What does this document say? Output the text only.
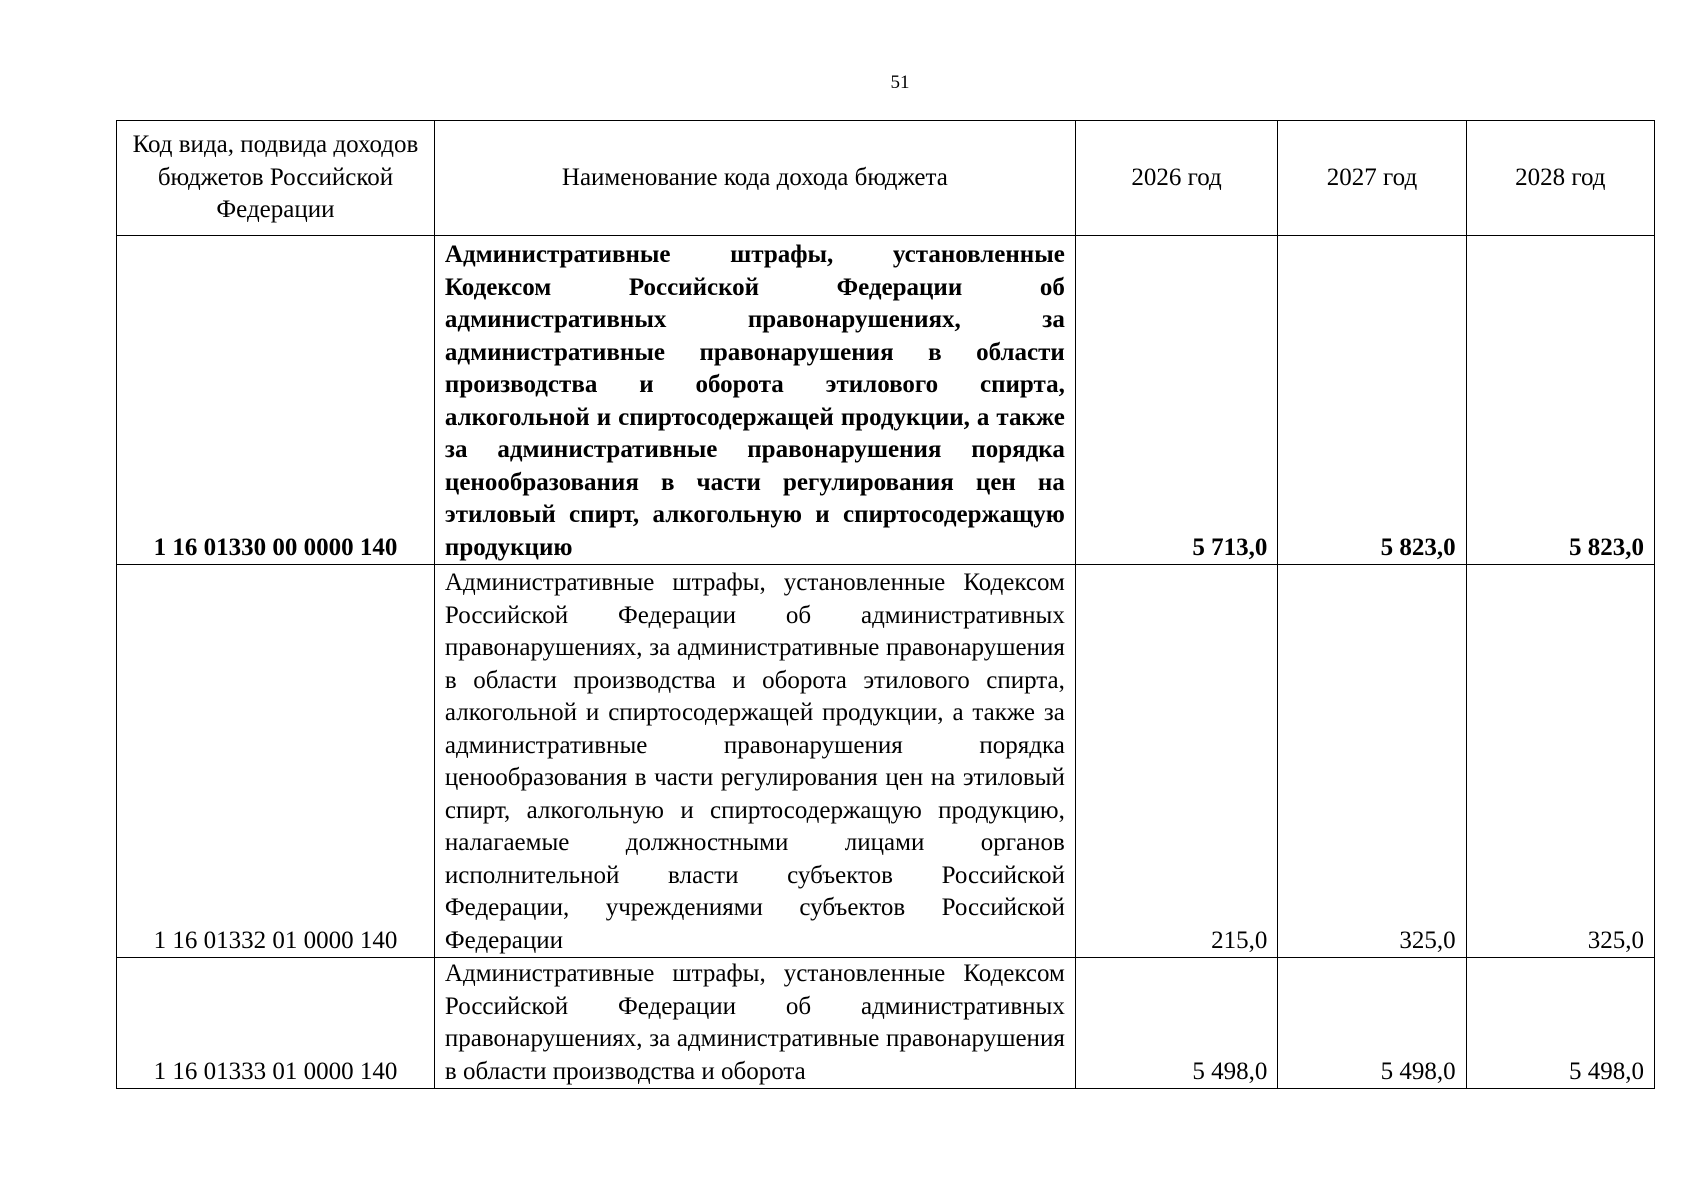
51
Код вида, подвида доходов бюджетов Российской Федерации	Наименование кода дохода бюджета	2026 год	2027 год	2028 год
1 16 01330 00 0000 140	Административные штрафы, установленные Кодексом Российской Федерации об административных правонарушениях, за административные правонарушения в области производства и оборота этилового спирта, алкогольной и спиртосодержащей продукции, а также за административные правонарушения порядка ценообразования в части регулирования цен на этиловый спирт, алкогольную и спиртосодержащую продукцию	5 713,0	5 823,0	5 823,0
1 16 01332 01 0000 140	Административные штрафы, установленные Кодексом Российской Федерации об административных правонарушениях, за административные правонарушения в области производства и оборота этилового спирта, алкогольной и спиртосодержащей продукции, а также за административные правонарушения порядка ценообразования в части регулирования цен на этиловый спирт, алкогольную и спиртосодержащую продукцию, налагаемые должностными лицами органов исполнительной власти субъектов Российской Федерации, учреждениями субъектов Российской Федерации	215,0	325,0	325,0
1 16 01333 01 0000 140	Административные штрафы, установленные Кодексом Российской Федерации об административных правонарушениях, за административные правонарушения в области производства и оборота	5 498,0	5 498,0	5 498,0
